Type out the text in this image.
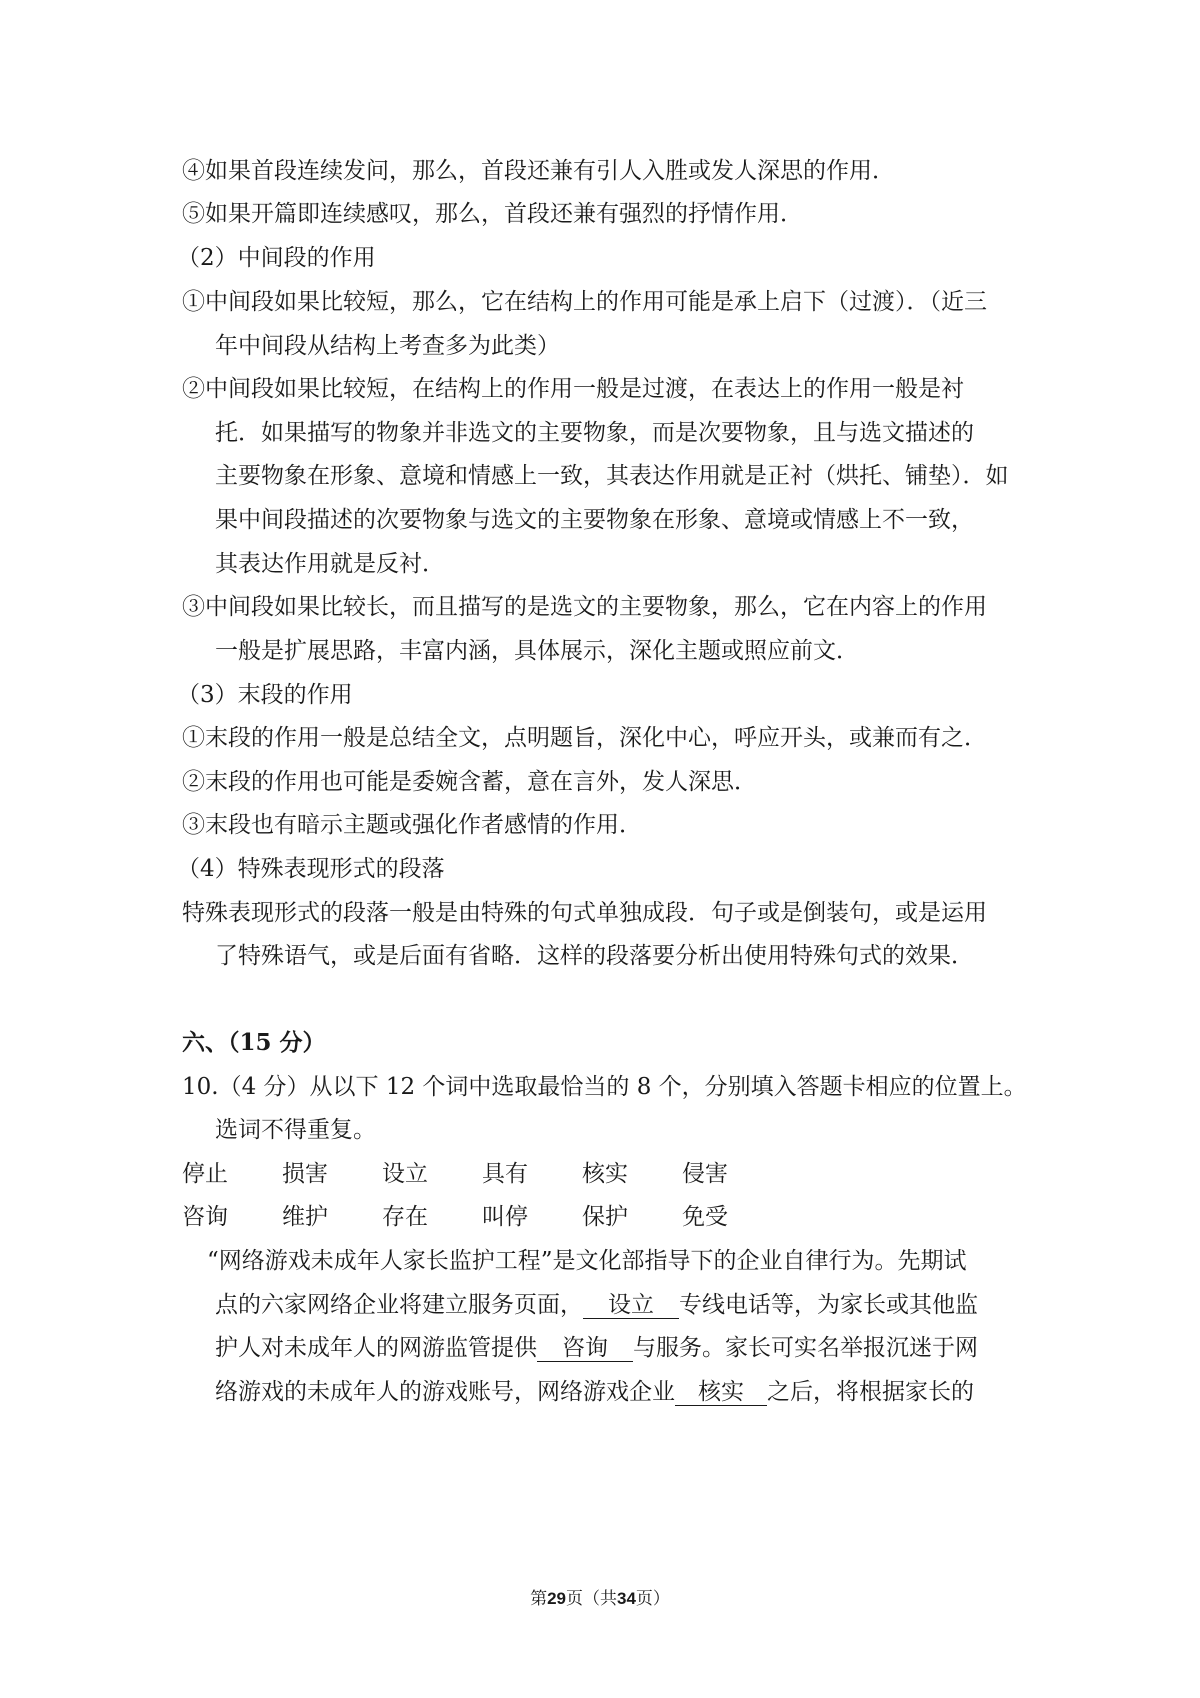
④如果首段连续发问，那么，首段还兼有引人入胜或发人深思的作用．
⑤如果开篇即连续感叹，那么，首段还兼有强烈的抒情作用．
（2）中间段的作用
①中间段如果比较短，那么，它在结构上的作用可能是承上启下（过渡）．（近三
年中间段从结构上考查多为此类）
②中间段如果比较短，在结构上的作用一般是过渡，在表达上的作用一般是衬
托．如果描写的物象并非选文的主要物象，而是次要物象，且与选文描述的
主要物象在形象、意境和情感上一致，其表达作用就是正衬（烘托、铺垫）．如
果中间段描述的次要物象与选文的主要物象在形象、意境或情感上不一致，
其表达作用就是反衬．
③中间段如果比较长，而且描写的是选文的主要物象，那么，它在内容上的作用
一般是扩展思路，丰富内涵，具体展示，深化主题或照应前文．
（3）末段的作用
①末段的作用一般是总结全文，点明题旨，深化中心，呼应开头，或兼而有之．
②末段的作用也可能是委婉含蓄，意在言外，发人深思．
③末段也有暗示主题或强化作者感情的作用．
（4）特殊表现形式的段落
特殊表现形式的段落一般是由特殊的句式单独成段．句子或是倒装句，或是运用
了特殊语气，或是后面有省略．这样的段落要分析出使用特殊句式的效果．
六、（15 分）
10.（4 分）从以下 12 个词中选取最恰当的 8 个，分别填入答题卡相应的位置上。
选词不得重复。
停止 损害 设立 具有 核实 侵害
咨询 维护 存在 叫停 保护 免受
“网络游戏未成年人家长监护工程”是文化部指导下的企业自律行为。先期试
点的六家网络企业将建立服务页面， 设立 专线电话等，为家长或其他监
护人对未成年人的网游监管提供 咨询 与服务。家长可实名举报沉迷于网
络游戏的未成年人的游戏账号，网络游戏企业 核实 之后，将根据家长的
第29页（共34页）
